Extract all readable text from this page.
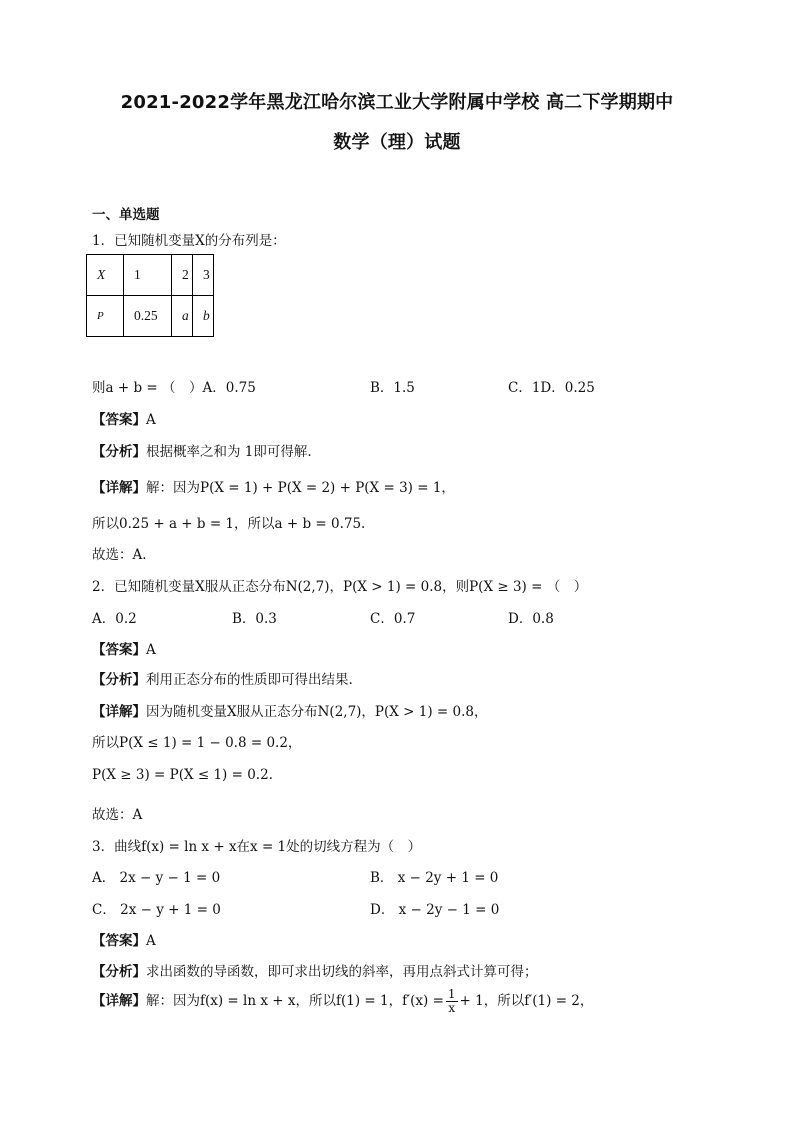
2021-2022学年黑龙江哈尔滨工业大学附属中学校 高二下学期期中
数学（理）试题
一、单选题
1．已知随机变量X的分布列是：
X	1	2	3
P	0.25	a	b
则a + b = （　）A．0.75	B．1.5	C．1D．0.25
【答案】A
【分析】根据概率之和为 1即可得解.
【详解】解：因为P(X = 1) + P(X = 2) + P(X = 3) = 1，
所以0.25 + a + b = 1，所以a + b = 0.75.
故选：A.
2．已知随机变量X服从正态分布N(2,7)，P(X > 1) = 0.8，则P(X ≥ 3) = （　）
A．0.2	B．0.3	C．0.7	D．0.8
【答案】A
【分析】利用正态分布的性质即可得出结果.
【详解】因为随机变量X服从正态分布N(2,7)，P(X > 1) = 0.8，
所以P(X ≤ 1) = 1 − 0.8 = 0.2，
P(X ≥ 3) = P(X ≤ 1) = 0.2.
故选：A
3．曲线f(x) = ln x + x在x = 1处的切线方程为（　）
A． 2x − y − 1 = 0	B． x − 2y + 1 = 0
C． 2x − y + 1 = 0	D． x − 2y − 1 = 0
【答案】A
【分析】求出函数的导函数，即可求出切线的斜率，再用点斜式计算可得；
【详解】解：因为f(x) = ln x + x，所以f(1) = 1，$f'(x) = \frac{1}{x} + 1$，所以f′(1) = 2，
